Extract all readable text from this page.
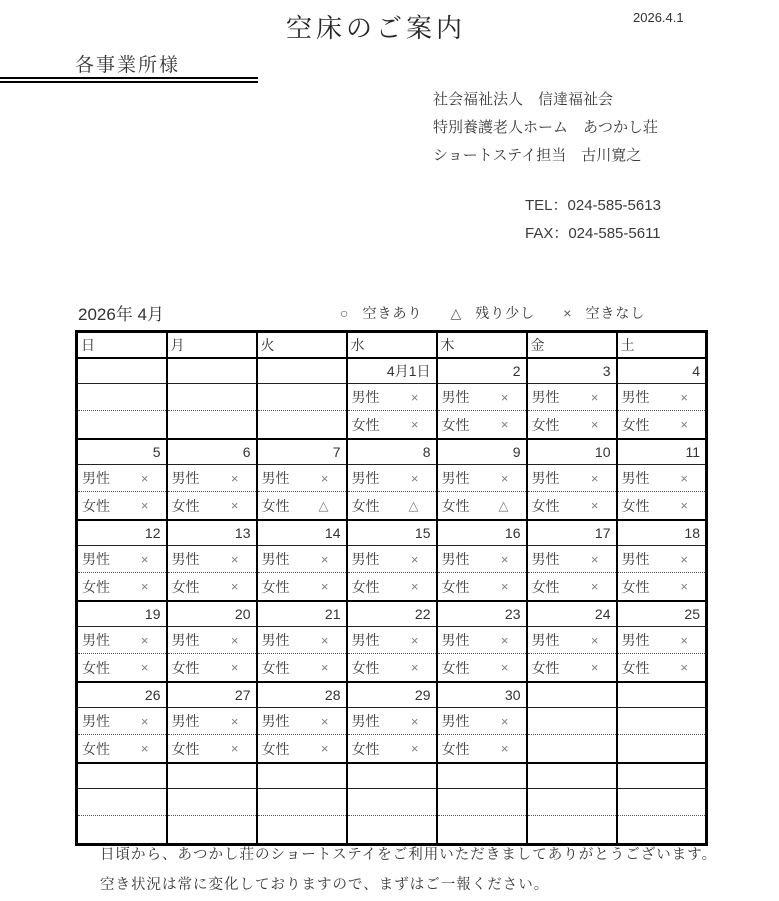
空床のご案内	2026.4.1
各事業所様
社会福祉法人　信達福祉会
特別養護老人ホーム　あつかし荘
ショートステイ担当　古川寛之
TEL：024-585-5613
FAX：024-585-5611
2026年 4月	○ 空きあり △ 残り少し × 空きなし
日	月	火	水	木	金	土
			4月1日	2	3	4

			男性 ×	男性 ×	男性 ×	男性 ×

			女性 ×	女性 ×	女性 ×	女性 ×

5	6	7	8	9	10	11

男性 ×	男性 ×	男性 ×	男性 ×	男性 ×	男性 ×	男性 ×

女性 ×	女性 ×	女性 △	女性 △	女性 △	女性 ×	女性 ×

12	13	14	15	16	17	18

男性 ×	男性 ×	男性 ×	男性 ×	男性 ×	男性 ×	男性 ×

女性 ×	女性 ×	女性 ×	女性 ×	女性 ×	女性 ×	女性 ×

19	20	21	22	23	24	25

男性 ×	男性 ×	男性 ×	男性 ×	男性 ×	男性 ×	男性 ×

女性 ×	女性 ×	女性 ×	女性 ×	女性 ×	女性 ×	女性 ×

26	27	28	29	30		

男性 ×	男性 ×	男性 ×	男性 ×	男性 ×		

女性 ×	女性 ×	女性 ×	女性 ×	女性 ×		

日頃から、あつかし荘のショートステイをご利用いただきましてありがとうございます。
空き状況は常に変化しておりますので、まずはご一報ください。
